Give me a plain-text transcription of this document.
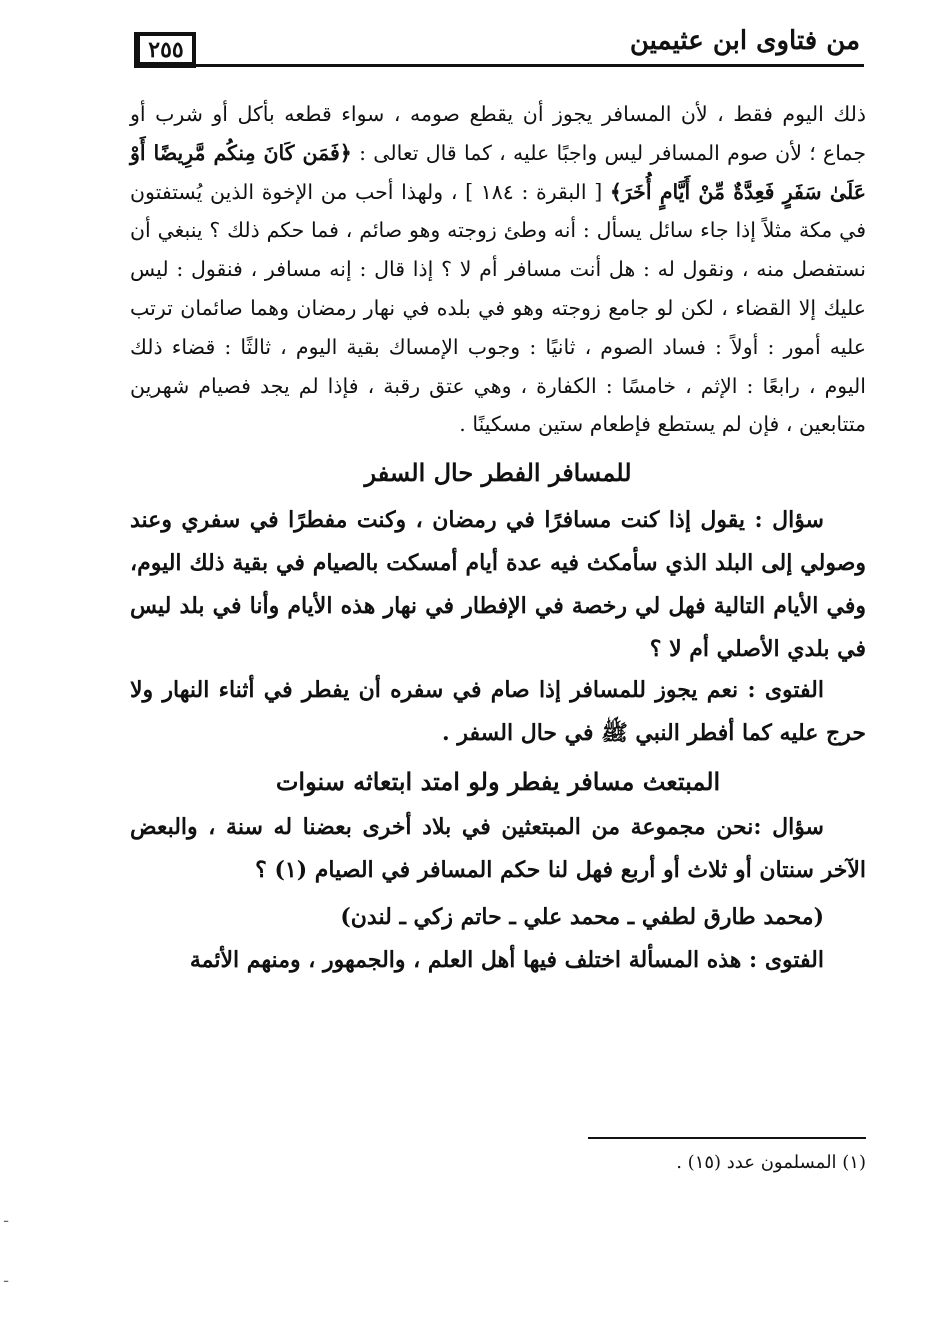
من فتاوى ابن عثيمين
٢٥٥

ذلك اليوم فقط ، لأن المسافر يجوز أن يقطع صومه ، سواء قطعه بأكل أو شرب أو جماع ؛ لأن صوم المسافر ليس واجبًا عليه ، كما قال تعالى : ﴿فَمَن كَانَ مِنكُم مَّرِيضًا أَوْ عَلَىٰ سَفَرٍ فَعِدَّةٌ مِّنْ أَيَّامٍ أُخَرَ﴾ [ البقرة : ١٨٤ ] ، ولهذا أحب من الإخوة الذين يُستفتون في مكة مثلاً إذا جاء سائل يسأل : أنه وطئ زوجته وهو صائم ، فما حكم ذلك ؟ ينبغي أن نستفصل منه ، ونقول له : هل أنت مسافر أم لا ؟ إذا قال : إنه مسافر ، فنقول : ليس عليك إلا القضاء ، لكن لو جامع زوجته وهو في بلده في نهار رمضان وهما صائمان ترتب عليه أمور : أولاً : فساد الصوم ، ثانيًا : وجوب الإمساك بقية اليوم ، ثالثًا : قضاء ذلك اليوم ، رابعًا : الإثم ، خامسًا : الكفارة ، وهي عتق رقبة ، فإذا لم يجد فصيام شهرين متتابعين ، فإن لم يستطع فإطعام ستين مسكينًا .

للمسافر الفطر حال السفر

سؤال : يقول إذا كنت مسافرًا في رمضان ، وكنت مفطرًا في سفري وعند وصولي إلى البلد الذي سأمكث فيه عدة أيام أمسكت بالصيام في بقية ذلك اليوم، وفي الأيام التالية فهل لي رخصة في الإفطار في نهار هذه الأيام وأنا في بلد ليس في بلدي الأصلي أم لا ؟

الفتوى : نعم يجوز للمسافر إذا صام في سفره أن يفطر في أثناء النهار ولا حرج عليه كما أفطر النبي ﷺ في حال السفر .

المبتعث مسافر يفطر ولو امتد ابتعاثه سنوات

سؤال :نحن مجموعة من المبتعثين في بلاد أخرى بعضنا له سنة ، والبعض الآخر سنتان أو ثلاث أو أربع فهل لنا حكم المسافر في الصيام (١) ؟

(محمد طارق لطفي ـ محمد علي ـ حاتم زكي ـ لندن)

الفتوى : هذه المسألة اختلف فيها أهل العلم ، والجمهور ، ومنهم الأئمة

(١) المسلمون عدد (١٥) .
ـ
ـ
